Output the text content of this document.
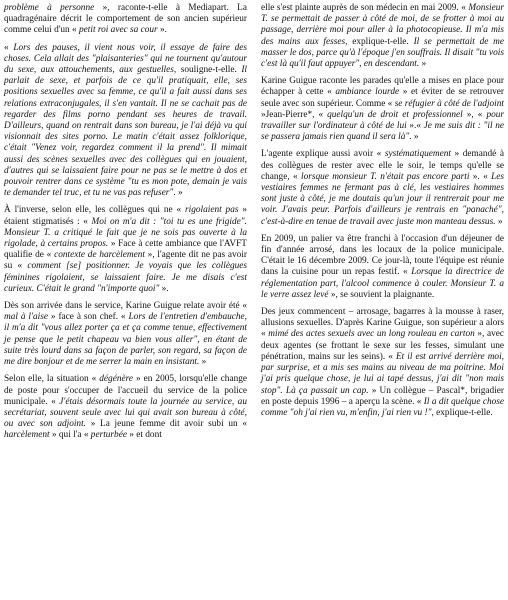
problème à personne », raconte-t-elle à Mediapart. La quadragénaire décrit le comportement de son ancien supérieur comme celui d'un « petit roi avec sa cour ».

« Lors des pauses, il vient nous voir, il essaye de faire des choses. Cela allait des "plaisanteries" qui ne tournent qu'autour du sexe, aux attouchements, aux gestuelles, souligne-t-elle. Il parlait de sexe, et parfois de ce qu'il pratiquait, elle, ses positions sexuelles avec sa femme, ce qu'il a fait aussi dans ses relations extraconjugales, il s'en vantait. Il ne se cachait pas de regarder des films porno pendant ses heures de travail. D'ailleurs, quand on rentrait dans son bureau, je l'ai déjà vu qui visionnait des sites porno. Le matin c'était assez folklorique, c'était "Venez voir, regardez comment il la prend". Il mimait aussi des scènes sexuelles avec des collègues qui en jouaient, d'autres qui se laissaient faire pour ne pas se le mettre à dos et pouvoir rentrer dans ce système "tu es mon pote, demain je vais te demander tel truc, et tu ne vas pas refuser". »

À l'inverse, selon elle, les collègues qui ne « rigolaient pas » étaient stigmatisés : « Moi on m'a dit : "toi tu es une frigide". Monsieur T. a critiqué le fait que je ne sois pas ouverte à la rigolade, à certains propos. » Face à cette ambiance que l'AVFT qualifie de « contexte de harcèlement », l'agente dit ne pas avoir su « comment [se] positionner. Je voyais que les collègues féminines rigolaient, se laissaient faire. Je me disais c'est curieux. C'était le grand "n'importe quoi" ».

Dès son arrivée dans le service, Karine Guigue relate avoir été « mal à l'aise » face à son chef. « Lors de l'entretien d'embauche, il m'a dit "vous allez porter ça et ça comme tenue, effectivement je pense que le petit chapeau va bien vous aller", en étant de suite très lourd dans sa façon de parler, son regard, sa façon de me dire bonjour et de me serrer la main en insistant. »

Selon elle, la situation « dégénère » en 2005, lorsqu'elle change de poste pour s'occuper de l'accueil du service de la police municipale. « J'étais désormais toute la journée au service, au secrétariat, souvent seule avec lui qui avait son bureau à côté, ou avec son adjoint. » La jeune femme dit avoir subi un « harcèlement » qui l'a « perturbée » et dont

elle s'est plainte auprès de son médecin en mai 2009. « Monsieur T. se permettait de passer à côté de moi, de se frotter à moi au passage, derrière moi pour aller à la photocopieuse. Il m'a mis des mains aux fesses, explique-t-elle. Il se permettait de me masser le dos, parce qu'à l'époque j'en souffrais. Il disait "tu vois c'est là qu'il faut appuyer", en descendant. »

Karine Guigue raconte les parades qu'elle a mises en place pour échapper à cette « ambiance lourde » et éviter de se retrouver seule avec son supérieur. Comme « se réfugier à côté de l'adjoint »Jean-Pierre*, « quelqu'un de droit et professionnel », « pour travailler sur l'ordinateur à côté de lui ».« Je me suis dit : "il ne se passera jamais rien quand il sera là". »

L'agente explique aussi avoir « systématiquement » demandé à des collègues de rester avec elle le soir, le temps qu'elle se change, « lorsque monsieur T. n'était pas encore parti ». « Les vestiaires femmes ne fermant pas à clé, les vestiaires hommes sont juste à côté, je me doutais qu'un jour il rentrerait pour me voir. J'avais peur. Parfois d'ailleurs je rentrais en "panaché", c'est-à-dire en tenue de travail avec juste mon manteau dessus. »

En 2009, un palier va être franchi à l'occasion d'un déjeuner de fin d'année arrosé, dans les locaux de la police municipale. C'était le 16 décembre 2009. Ce jour-là, toute l'équipe est réunie dans la cuisine pour un repas festif. « Lorsque la directrice de réglementation part, l'alcool commence à couler. Monsieur T. a le verre assez levé », se souvient la plaignante.

Des jeux commencent – arrosage, bagarres à la mousse à raser, allusions sexuelles. D'après Karine Guigue, son supérieur a alors « mimé des actes sexuels avec un long rouleau en carton », avec deux agentes (se frottant le sexe sur les fesses, simulant une pénétration, mains sur les seins). « Et il est arrivé derrière moi, par surprise, et a mis ses mains au niveau de ma poitrine. Moi j'ai pris quelque chose, je lui ai tapé dessus, j'ai dit "non mais stop". Là ça passait un cap. » Un collègue – Pascal*, brigadier en poste depuis 1996 – a aperçu la scène. « Il a dit quelque chose comme "oh j'ai rien vu, m'enfin, j'ai rien vu !", explique-t-elle.
